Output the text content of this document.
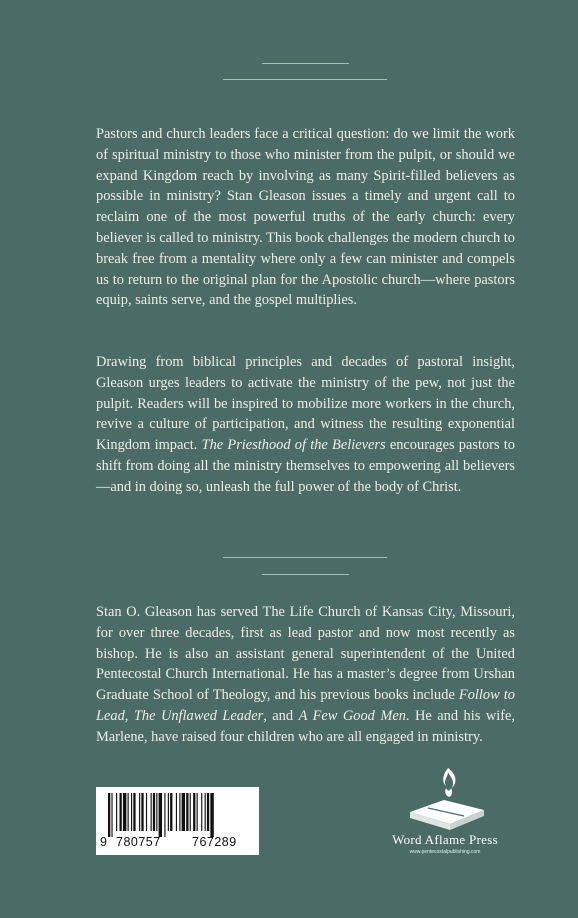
Pastors and church leaders face a critical question: do we limit the work of spiritual ministry to those who minister from the pulpit, or should we expand Kingdom reach by involving as many Spirit-filled believers as possible in ministry? Stan Gleason issues a timely and urgent call to reclaim one of the most powerful truths of the early church: every believer is called to ministry. This book challenges the modern church to break free from a mentality where only a few can minister and compels us to return to the original plan for the Apostolic church—where pastors equip, saints serve, and the gospel multiplies.

Drawing from biblical principles and decades of pastoral insight, Gleason urges leaders to activate the ministry of the pew, not just the pulpit. Readers will be inspired to mobilize more workers in the church, revive a culture of participation, and witness the resulting exponential Kingdom impact. The Priesthood of the Believers encourages pastors to shift from doing all the ministry themselves to empowering all believers—and in doing so, unleash the full power of the body of Christ.

Stan O. Gleason has served The Life Church of Kansas City, Missouri, for over three decades, first as lead pastor and now most recently as bishop. He is also an assistant general superintendent of the United Pentecostal Church International. He has a master’s degree from Urshan Graduate School of Theology, and his previous books include Follow to Lead, The Unflawed Leader, and A Few Good Men. He and his wife, Marlene, have raised four children who are all engaged in ministry.

9 780757	767289	Word Aflame Press
www.pentecostalpublishing.com
